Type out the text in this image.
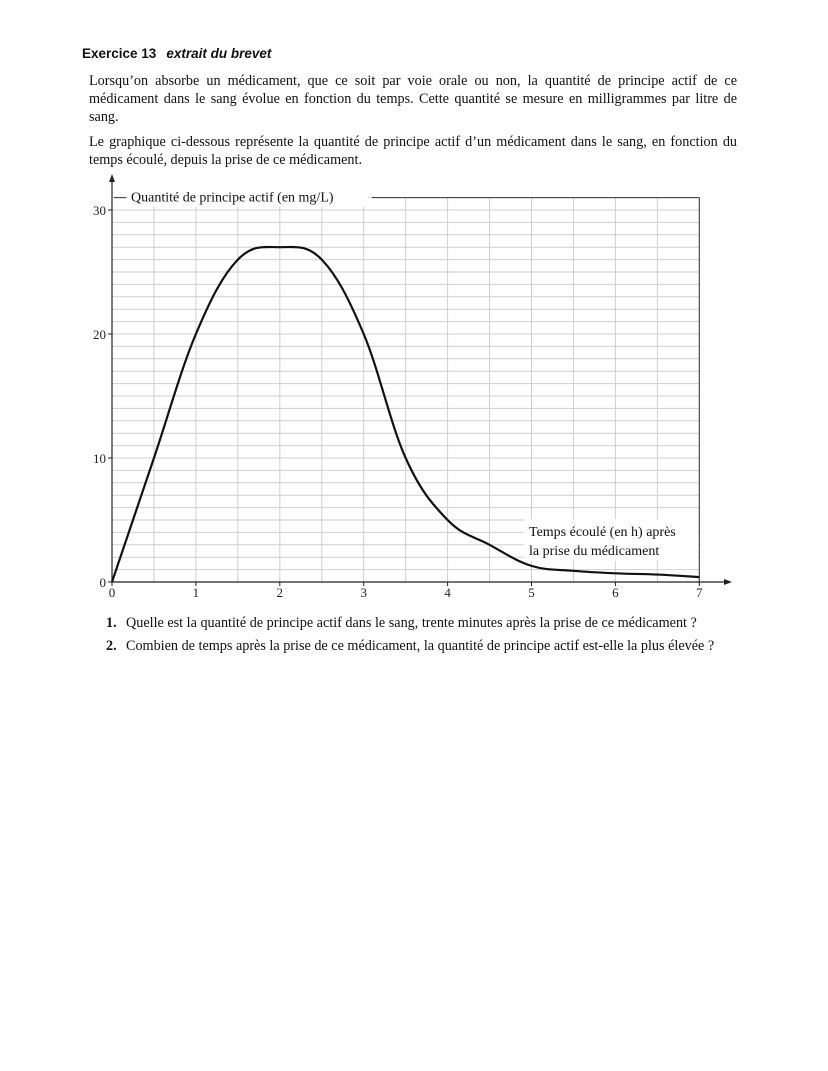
Exercice 13 extrait du brevet
Lorsqu’on absorbe un médicament, que ce soit par voie orale ou non, la quantité de principe actif de ce médicament dans le sang évolue en fonction du temps. Cette quantité se mesure en milligrammes par litre de sang.
Le graphique ci-dessous représente la quantité de principe actif d’un médicament dans le sang, en fonction du temps écoulé, depuis la prise de ce médicament.
0	1	2	3	4	5	6	7
0
10
20
30
Quantité de principe actif (en mg/L)
Temps écoulé (en h) après
la prise du médicament
1. Quelle est la quantité de principe actif dans le sang, trente minutes après la prise de ce médicament ?
2. Combien de temps après la prise de ce médicament, la quantité de principe actif est-elle la plus élevée ?
